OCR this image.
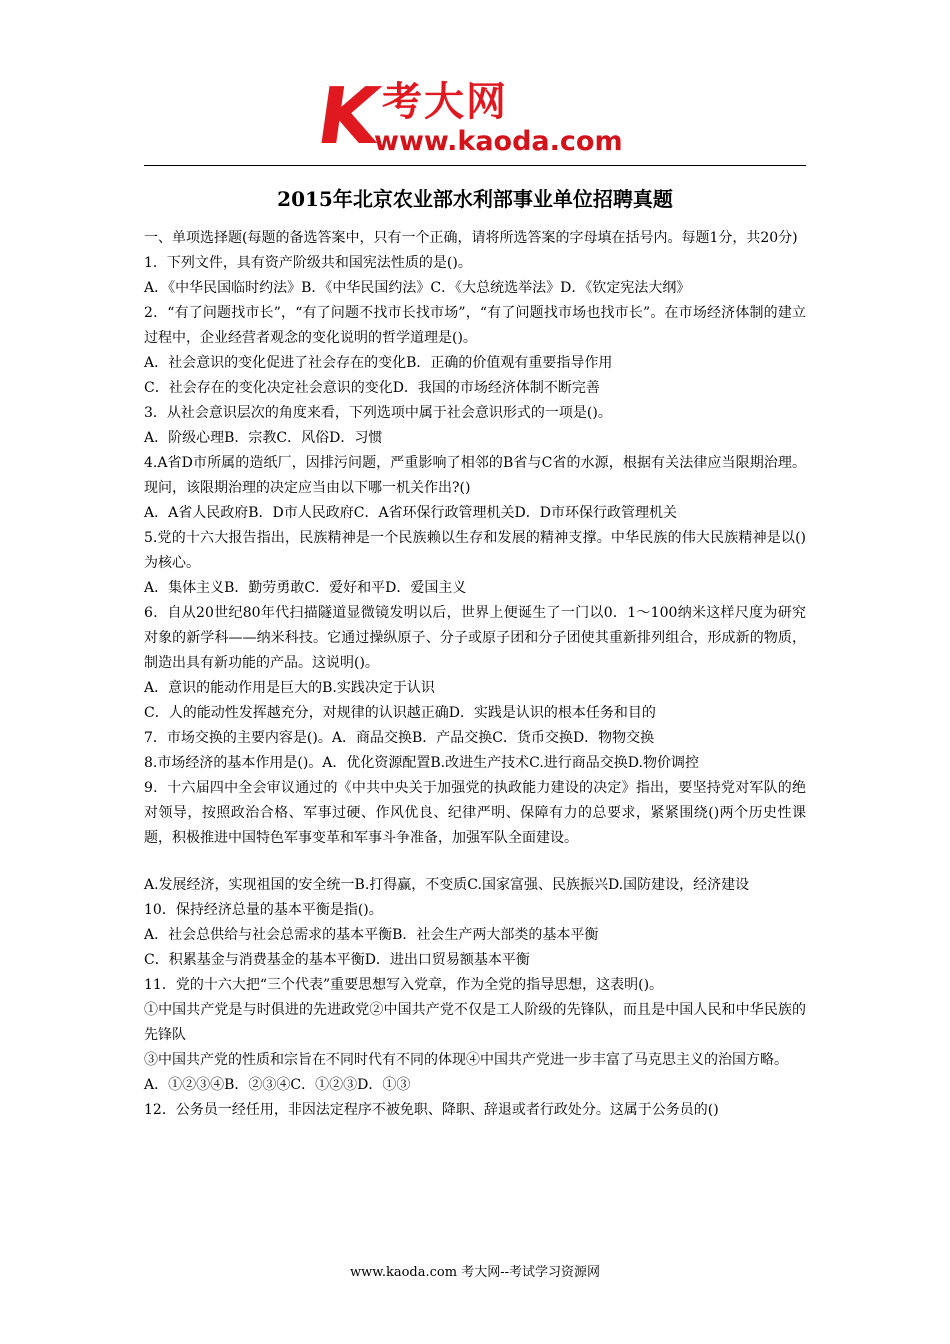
K
考大网
www.kaoda.com
2015年北京农业部水利部事业单位招聘真题

一、单项选择题(每题的备选答案中，只有一个正确，请将所选答案的字母填在括号内。每题1分，共20分)

1．下列文件，具有资产阶级共和国宪法性质的是()。

A．《中华民国临时约法》B．《中华民国约法》C．《大总统选举法》D．《钦定宪法大纲》

2．“有了问题找市长”，“有了问题不找市长找市场”，“有了问题找市场也找市长”。在市场经济体制的建立过程中，企业经营者观念的变化说明的哲学道理是()。

A．社会意识的变化促进了社会存在的变化B．正确的价值观有重要指导作用

C．社会存在的变化决定社会意识的变化D．我国的市场经济体制不断完善

3．从社会意识层次的角度来看，下列选项中属于社会意识形式的一项是()。

A．阶级心理B．宗教C．风俗D．习惯

4.A省D市所属的造纸厂，因排污问题，严重影响了相邻的B省与C省的水源，根据有关法律应当限期治理。现问，该限期治理的决定应当由以下哪一机关作出?()

A．A省人民政府B．D市人民政府C．A省环保行政管理机关D．D市环保行政管理机关

5.党的十六大报告指出，民族精神是一个民族赖以生存和发展的精神支撑。中华民族的伟大民族精神是以()为核心。

A．集体主义B．勤劳勇敢C．爱好和平D．爱国主义

6．自从20世纪80年代扫描隧道显微镜发明以后，世界上便诞生了一门以0．1～100纳米这样尺度为研究对象的新学科——纳米科技。它通过操纵原子、分子或原子团和分子团使其重新排列组合，形成新的物质，制造出具有新功能的产品。这说明()。

A．意识的能动作用是巨大的B.实践决定于认识

C．人的能动性发挥越充分，对规律的认识越正确D．实践是认识的根本任务和目的

7．市场交换的主要内容是()。A．商品交换B．产品交换C．货币交换D．物物交换

8.市场经济的基本作用是()。A．优化资源配置B.改进生产技术C.进行商品交换D.物价调控

9．十六届四中全会审议通过的《中共中央关于加强党的执政能力建设的决定》指出，要坚持党对军队的绝对领导，按照政治合格、军事过硬、作风优良、纪律严明、保障有力的总要求，紧紧围绕()两个历史性课题，积极推进中国特色军事变革和军事斗争准备，加强军队全面建设。

A.发展经济，实现祖国的安全统一B.打得赢，不变质C.国家富强、民族振兴D.国防建设，经济建设

10．保持经济总量的基本平衡是指()。

A．社会总供给与社会总需求的基本平衡B．社会生产两大部类的基本平衡

C．积累基金与消费基金的基本平衡D．进出口贸易额基本平衡

11．党的十六大把“三个代表”重要思想写入党章，作为全党的指导思想，这表明()。

①中国共产党是与时俱进的先进政党②中国共产党不仅是工人阶级的先锋队，而且是中国人民和中华民族的先锋队

③中国共产党的性质和宗旨在不同时代有不同的体现④中国共产党进一步丰富了马克思主义的治国方略。

A．①②③④B．②③④C．①②③D．①③

12．公务员一经任用，非因法定程序不被免职、降职、辞退或者行政处分。这属于公务员的()

www.kaoda.com 考大网--考试学习资源网
